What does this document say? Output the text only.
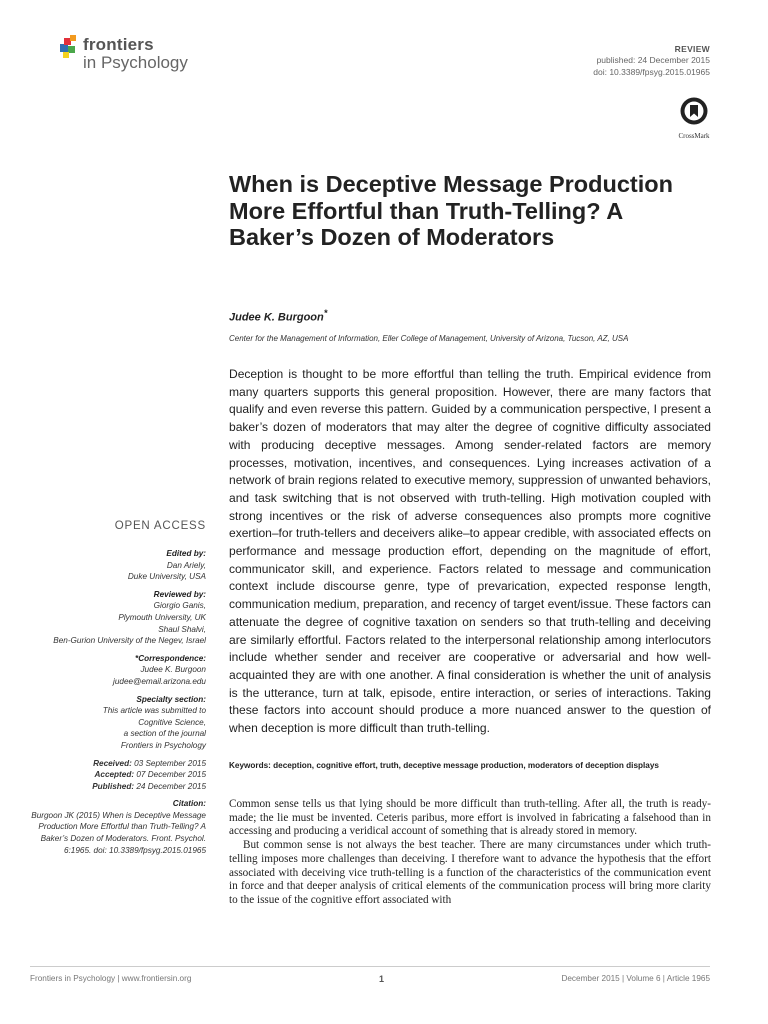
frontiers
in Psychology
REVIEW
published: 24 December 2015
doi: 10.3389/fpsyg.2015.01965
CrossMark
When is Deceptive Message Production More Effortful than Truth-Telling? A Baker’s Dozen of Moderators
Judee K. Burgoon*
Center for the Management of Information, Eller College of Management, University of Arizona, Tucson, AZ, USA

Deception is thought to be more effortful than telling the truth. Empirical evidence from many quarters supports this general proposition. However, there are many factors that qualify and even reverse this pattern. Guided by a communication perspective, I present a baker’s dozen of moderators that may alter the degree of cognitive difficulty associated with producing deceptive messages. Among sender-related factors are memory processes, motivation, incentives, and consequences. Lying increases activation of a network of brain regions related to executive memory, suppression of unwanted behaviors, and task switching that is not observed with truth-telling. High motivation coupled with strong incentives or the risk of adverse consequences also prompts more cognitive exertion–for truth-tellers and deceivers alike–to appear credible, with associated effects on performance and message production effort, depending on the magnitude of effort, communicator skill, and experience. Factors related to message and communication context include discourse genre, type of prevarication, expected response length, communication medium, preparation, and recency of target event/issue. These factors can attenuate the degree of cognitive taxation on senders so that truth-telling and deceiving are similarly effortful. Factors related to the interpersonal relationship among interlocutors include whether sender and receiver are cooperative or adversarial and how well-acquainted they are with one another. A final consideration is whether the unit of analysis is the utterance, turn at talk, episode, entire interaction, or series of interactions. Taking these factors into account should produce a more nuanced answer to the question of when deception is more difficult than truth-telling.

Keywords: deception, cognitive effort, truth, deceptive message production, moderators of deception displays
OPEN ACCESS
Edited by:
Dan Ariely,
Duke University, USA
Reviewed by:
Giorgio Ganis,
Plymouth University, UK
Shaul Shalvi,
Ben-Gurion University of the Negev, Israel
*Correspondence:
Judee K. Burgoon
judee@email.arizona.edu
Specialty section:
This article was submitted to
Cognitive Science,
a section of the journal
Frontiers in Psychology
Received: 03 September 2015
Accepted: 07 December 2015
Published: 24 December 2015
Citation:
Burgoon JK (2015) When is Deceptive Message Production More Effortful than Truth-Telling? A Baker’s Dozen of Moderators. Front. Psychol. 6:1965. doi: 10.3389/fpsyg.2015.01965

Common sense tells us that lying should be more difficult than truth-telling. After all, the truth is ready-made; the lie must be invented. Ceteris paribus, more effort is involved in fabricating a falsehood than in accessing and producing a veridical account of something that is already stored in memory.

But common sense is not always the best teacher. There are many circumstances under which truth-telling imposes more challenges than deceiving. I therefore want to advance the hypothesis that the effort associated with deceiving vice truth-telling is a function of the characteristics of the communication event in force and that deeper analysis of critical elements of the communication process will bring more clarity to the issue of the cognitive effort associated with

Frontiers in Psychology | www.frontiersin.org	1	December 2015 | Volume 6 | Article 1965
